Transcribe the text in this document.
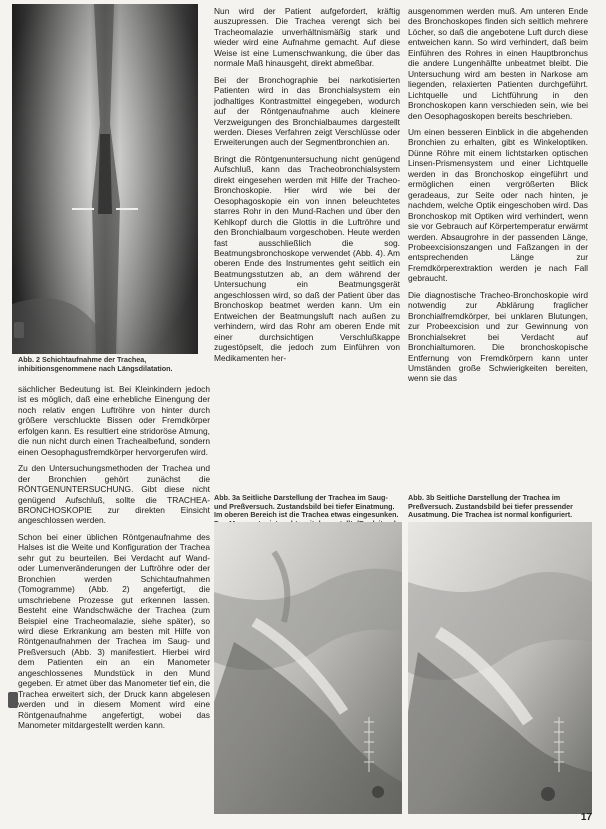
Abb. 2 Schichtaufnahme der Trachea, inhibitionsgenommene nach Längsdilatation.

sächlicher Bedeutung ist. Bei Kleinkindern jedoch ist es möglich, daß eine erhebliche Einengung der noch relativ engen Luftröhre von hinter durch größere verschluckte Bissen oder Fremdkörper erfolgen kann. Es resultiert eine stridoröse Atmung, die nun nicht durch einen Trachealbefund, sondern einen Oesophagusfremdkörper hervorgerufen wird.

Zu den Untersuchungsmethoden der Trachea und der Bronchien gehört zunächst die RÖNTGENUNTERSUCHUNG. Gibt diese nicht genügend Aufschluß, sollte die TRACHEA-BRONCHOSKOPIE zur direkten Einsicht angeschlossen werden.

Schon bei einer üblichen Röntgenaufnahme des Halses ist die Weite und Konfiguration der Trachea sehr gut zu beurteilen. Bei Verdacht auf Wand- oder Lumenveränderungen der Luftröhre oder der Bronchien werden Schichtaufnahmen (Tomogramme) (Abb. 2) angefertigt, die umschriebene Prozesse gut erkennen lassen. Besteht eine Wandschwäche der Trachea (zum Beispiel eine Tracheomalazie, siehe später), so wird diese Erkrankung am besten mit Hilfe von Röntgenaufnahmen der Trachea im Saug- und Preßversuch (Abb. 3) manifestiert. Hierbei wird dem Patienten ein an ein Manometer angeschlossenes Mundstück in den Mund gegeben. Er atmet über das Manometer tief ein, die Trachea erweitert sich, der Druck kann abgelesen werden und in diesem Moment wird eine Röntgenaufnahme angefertigt, wobei das Manometer mitdargestellt werden kann.

Nun wird der Patient aufgefordert, kräftig auszupressen. Die Trachea verengt sich bei Tracheomalazie unverhältnismäßig stark und wieder wird eine Aufnahme gemacht. Auf diese Weise ist eine Lumenschwankung, die über das normale Maß hinausgeht, direkt abmeßbar.

Bei der Bronchographie bei narkotisierten Patienten wird in das Bronchialsystem ein jodhaltiges Kontrastmittel eingegeben, wodurch auf der Röntgenaufnahme auch kleinere Verzweigungen des Bronchialbaumes dargestellt werden. Dieses Verfahren zeigt Verschlüsse oder Erweiterungen auch der Segmentbronchien an.

Bringt die Röntgenuntersuchung nicht genügend Aufschluß, kann das Tracheobronchialsystem direkt eingesehen werden mit Hilfe der Tracheo-Bronchoskopie. Hier wird wie bei der Oesophagoskopie ein von innen beleuchtetes starres Rohr in den Mund-Rachen und über den Kehlkopf durch die Glottis in die Luftröhre und den Bronchialbaum vorgeschoben. Heute werden fast ausschließlich die sog. Beatmungsbronchoskope verwendet (Abb. 4). Am oberen Ende des Instrumentes geht seitlich ein Beatmungsstutzen ab, an dem während der Untersuchung ein Beatmungsgerät angeschlossen wird, so daß der Patient über das Bronchoskop beatmet werden kann. Um ein Entweichen der Beatmungsluft nach außen zu verhindern, wird das Rohr am oberen Ende mit einer durchsichtigen Verschlußkappe zugestöpselt, die jedoch zum Einführen von Medikamenten her-

ausgenommen werden muß. Am unteren Ende des Bronchoskopes finden sich seitlich mehrere Löcher, so daß die angebotene Luft durch diese entweichen kann. So wird verhindert, daß beim Einführen des Rohres in einen Hauptbronchus die andere Lungenhälfte unbeatmet bleibt. Die Untersuchung wird am besten in Narkose am liegenden, relaxierten Patienten durchgeführt. Lichtquelle und Lichtführung in den Bronchoskopen kann verschieden sein, wie bei den Oesophagoskopen bereits beschrieben.

Um einen besseren Einblick in die abgehenden Bronchien zu erhalten, gibt es Winkeloptiken. Dünne Röhre mit einem lichtstarken optischen Linsen-Prismensystem und einer Lichtquelle werden in das Bronchoskop eingeführt und ermöglichen einen vergrößerten Blick geradeaus, zur Seite oder nach hinten, je nachdem, welche Optik eingeschoben wird. Das Bronchoskop mit Optiken wird verhindert, wenn sie vor Gebrauch auf Körpertemperatur erwärmt werden. Absaugrohre in der passenden Länge, Probeexcisionszangen und Faßzangen in der entsprechenden Länge zur Fremdkörperextraktion werden je nach Fall gebraucht.

Die diagnostische Tracheo-Bronchoskopie wird notwendig zur Abklärung fraglicher Bronchialfremdkörper, bei unklaren Blutungen, zur Probeexcision und zur Gewinnung von Bronchialsekret bei Verdacht auf Bronchialtumoren. Die bronchoskopische Entfernung von Fremdkörpern kann unter Umständen große Schwierigkeiten bereiten, wenn sie das

Abb. 3a Seitliche Darstellung der Trachea im Saug- und Preßversuch. Zustandsbild bei tiefer Einatmung. Im oberen Bereich ist die Trachea etwas eingesunken.
Abb. 3b Seitliche Darstellung der Trachea im Preßversuch. Zustandsbild bei tiefer pressender Ausatmung. Die Trachea ist normal konfiguriert.
17
